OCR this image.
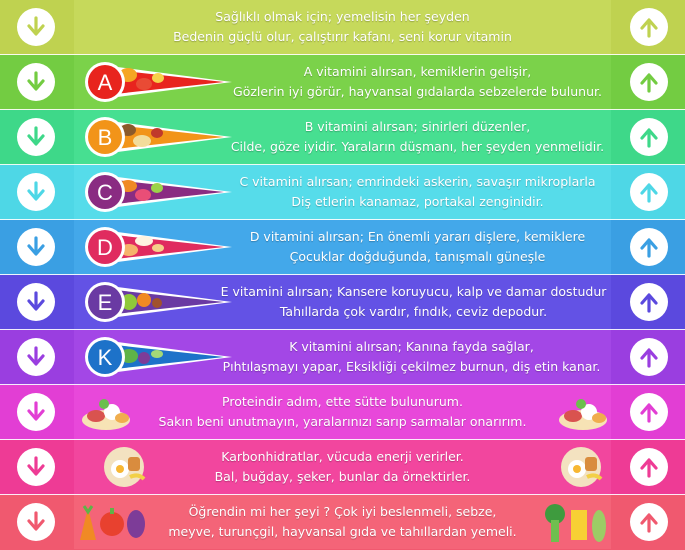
Sağlıklı olmak için; yemelisin her şeyden
Bedenin güçlü olur, çalıştırır kafanı, seni korur vitamin
A	A vitamini alırsan, kemiklerin gelişir,
Gözlerin iyi görür, hayvansal gıdalarda sebzelerde bulunur.
B	B vitamini alırsan; sinirleri düzenler,
Cilde, göze iyidir. Yaraların düşmanı, her şeyden yenmelidir.
C	C vitamini alırsan; emrindeki askerin, savaşır mikroplarla
Diş etlerin kanamaz, portakal zenginidir.
D	D vitamini alırsan; En önemli yararı dişlere, kemiklere
Çocuklar doğduğunda, tanışmalı güneşle
E	E vitamini alırsan; Kansere koruyucu, kalp ve damar dostudur
Tahıllarda çok vardır, fındık, ceviz depodur.
K	K vitamini alırsan; Kanına fayda sağlar,
Pıhtılaşmayı yapar, Eksikliği çekilmez burnun, diş etin kanar.
Proteindir adım, ette sütte bulunurum.
Sakın beni unutmayın, yaralarınızı sarıp sarmalar onarırım.
Karbonhidratlar, vücuda enerji verirler.
Bal, buğday, şeker, bunlar da örnektirler.
Öğrendin mi her şeyi ? Çok iyi beslenmeli, sebze,
meyve, turunçgil, hayvansal gıda ve tahıllardan yemeli.
